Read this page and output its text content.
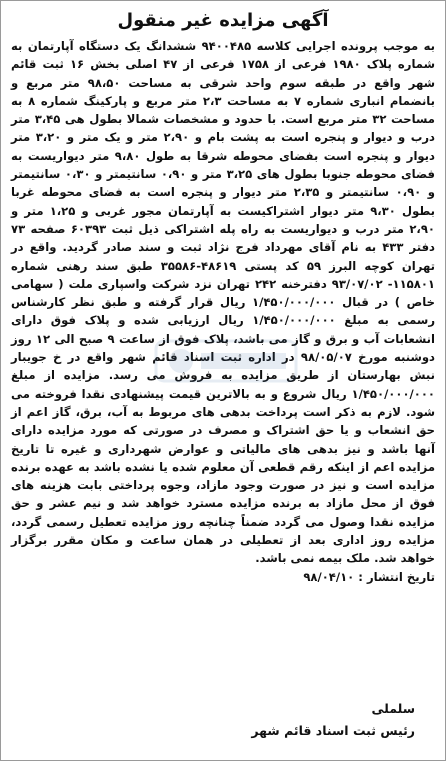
آگهی مزایده غیر منقول
به موجب پرونده اجرایی کلاسه ۹۴۰۰۴۸۵ ششدانگ یک دستگاه آپارتمان به شماره پلاک ۱۹۸۰ فرعی از ۱۷۵۸ فرعی از ۴۷ اصلی بخش ۱۶ ثبت قائم شهر واقع در طبقه سوم واحد شرقی به مساحت ۹۸،۵۰ متر مربع و بانضمام انباری شماره ۷ به مساحت ۲،۳ متر مربع و پارکینگ شماره ۸ به مساحت ۳۲ متر مربع است. با حدود و مشخصات شمالا بطول هی ۳،۴۵ متر درب و دیوار و پنجره است به پشت بام و ۲،۹۰ متر و یک متر و ۳،۲۰ متر دیوار و پنجره است بفضای محوطه شرقا به طول ۹،۸۰ متر دیواریست به فضای محوطه جنوبا بطول های ۳،۲۵ متر و ۰،۹۰ سانتیمتر و ۰،۳۰ سانتیمتر و ۰،۹۰ سانتیمتر و ۲،۳۵ متر دیوار و پنجره است به فضای محوطه غربا بطول ۹،۳۰ متر دیوار اشتراکیست به آپارتمان مجور غربی و ۱،۲۵ متر و ۲،۹۰ متر درب و دیواریست به راه پله اشتراکی ذیل ثبت ۶۰۳۹۳ صفحه ۷۳ دفتر ۴۳۳ به نام آقای مهرداد فرج نژاد ثبت و سند صادر گردید. واقع در تهران کوچه البرز ۵۹ کد پستی ۴۸۶۱۹-۳۵۵۸۶ طبق سند رهنی شماره ۱۱۵۸۰۱- ۹۳/۰۷/۰۲ دفترخنه ۲۴۲ تهران نزد شرکت واسپاری ملت ( سهامی خاص ) در قبال ۱/۴۵۰/۰۰۰/۰۰۰ ریال قرار گرفته و طبق نظر کارشناس رسمی به مبلغ ۱/۴۵۰/۰۰۰/۰۰۰ ریال ارزیابی شده و پلاک فوق دارای انشعابات آب و برق و گاز می باشد، پلاک فوق از ساعت ۹ صبح الی ۱۲ روز دوشنبه مورخ ۹۸/۰۵/۰۷ در اداره ثبت اسناد قائم شهر واقع در خ جویبار نبش بهارستان از طریق مزایده به فروش می رسد. مزایده از مبلغ ۱/۴۵۰/۰۰۰/۰۰۰ ریال شروع و به بالاترین قیمت پیشنهادی نقدا فروخته می شود. لازم به ذکر است پرداخت بدهی های مربوط به آب، برق، گاز اعم از حق انشعاب و یا حق اشتراک و مصرف در صورتی که مورد مزایده دارای آنها باشد و نیز بدهی های مالیاتی و عوارض شهرداری و غیره تا تاریخ مزایده اعم از اینکه رقم قطعی آن معلوم شده یا نشده باشد به عهده برنده مزایده است و نیز در صورت وجود مازاد، وجوه پرداختی بابت هزینه های فوق از محل مازاد به برنده مزایده مسترد خواهد شد و نیم عشر و حق مزایده نقدا وصول می گردد ضمناً چنانچه روز مزایده تعطیل رسمی گردد، مزایده روز اداری بعد از تعطیلی در همان ساعت و مکان مقرر برگزار خواهد شد. ملک بیمه نمی باشد.
تاریخ انتشار : ۹۸/۰۴/۱۰
سلملی
رئیس ثبت اسناد قائم شهر
